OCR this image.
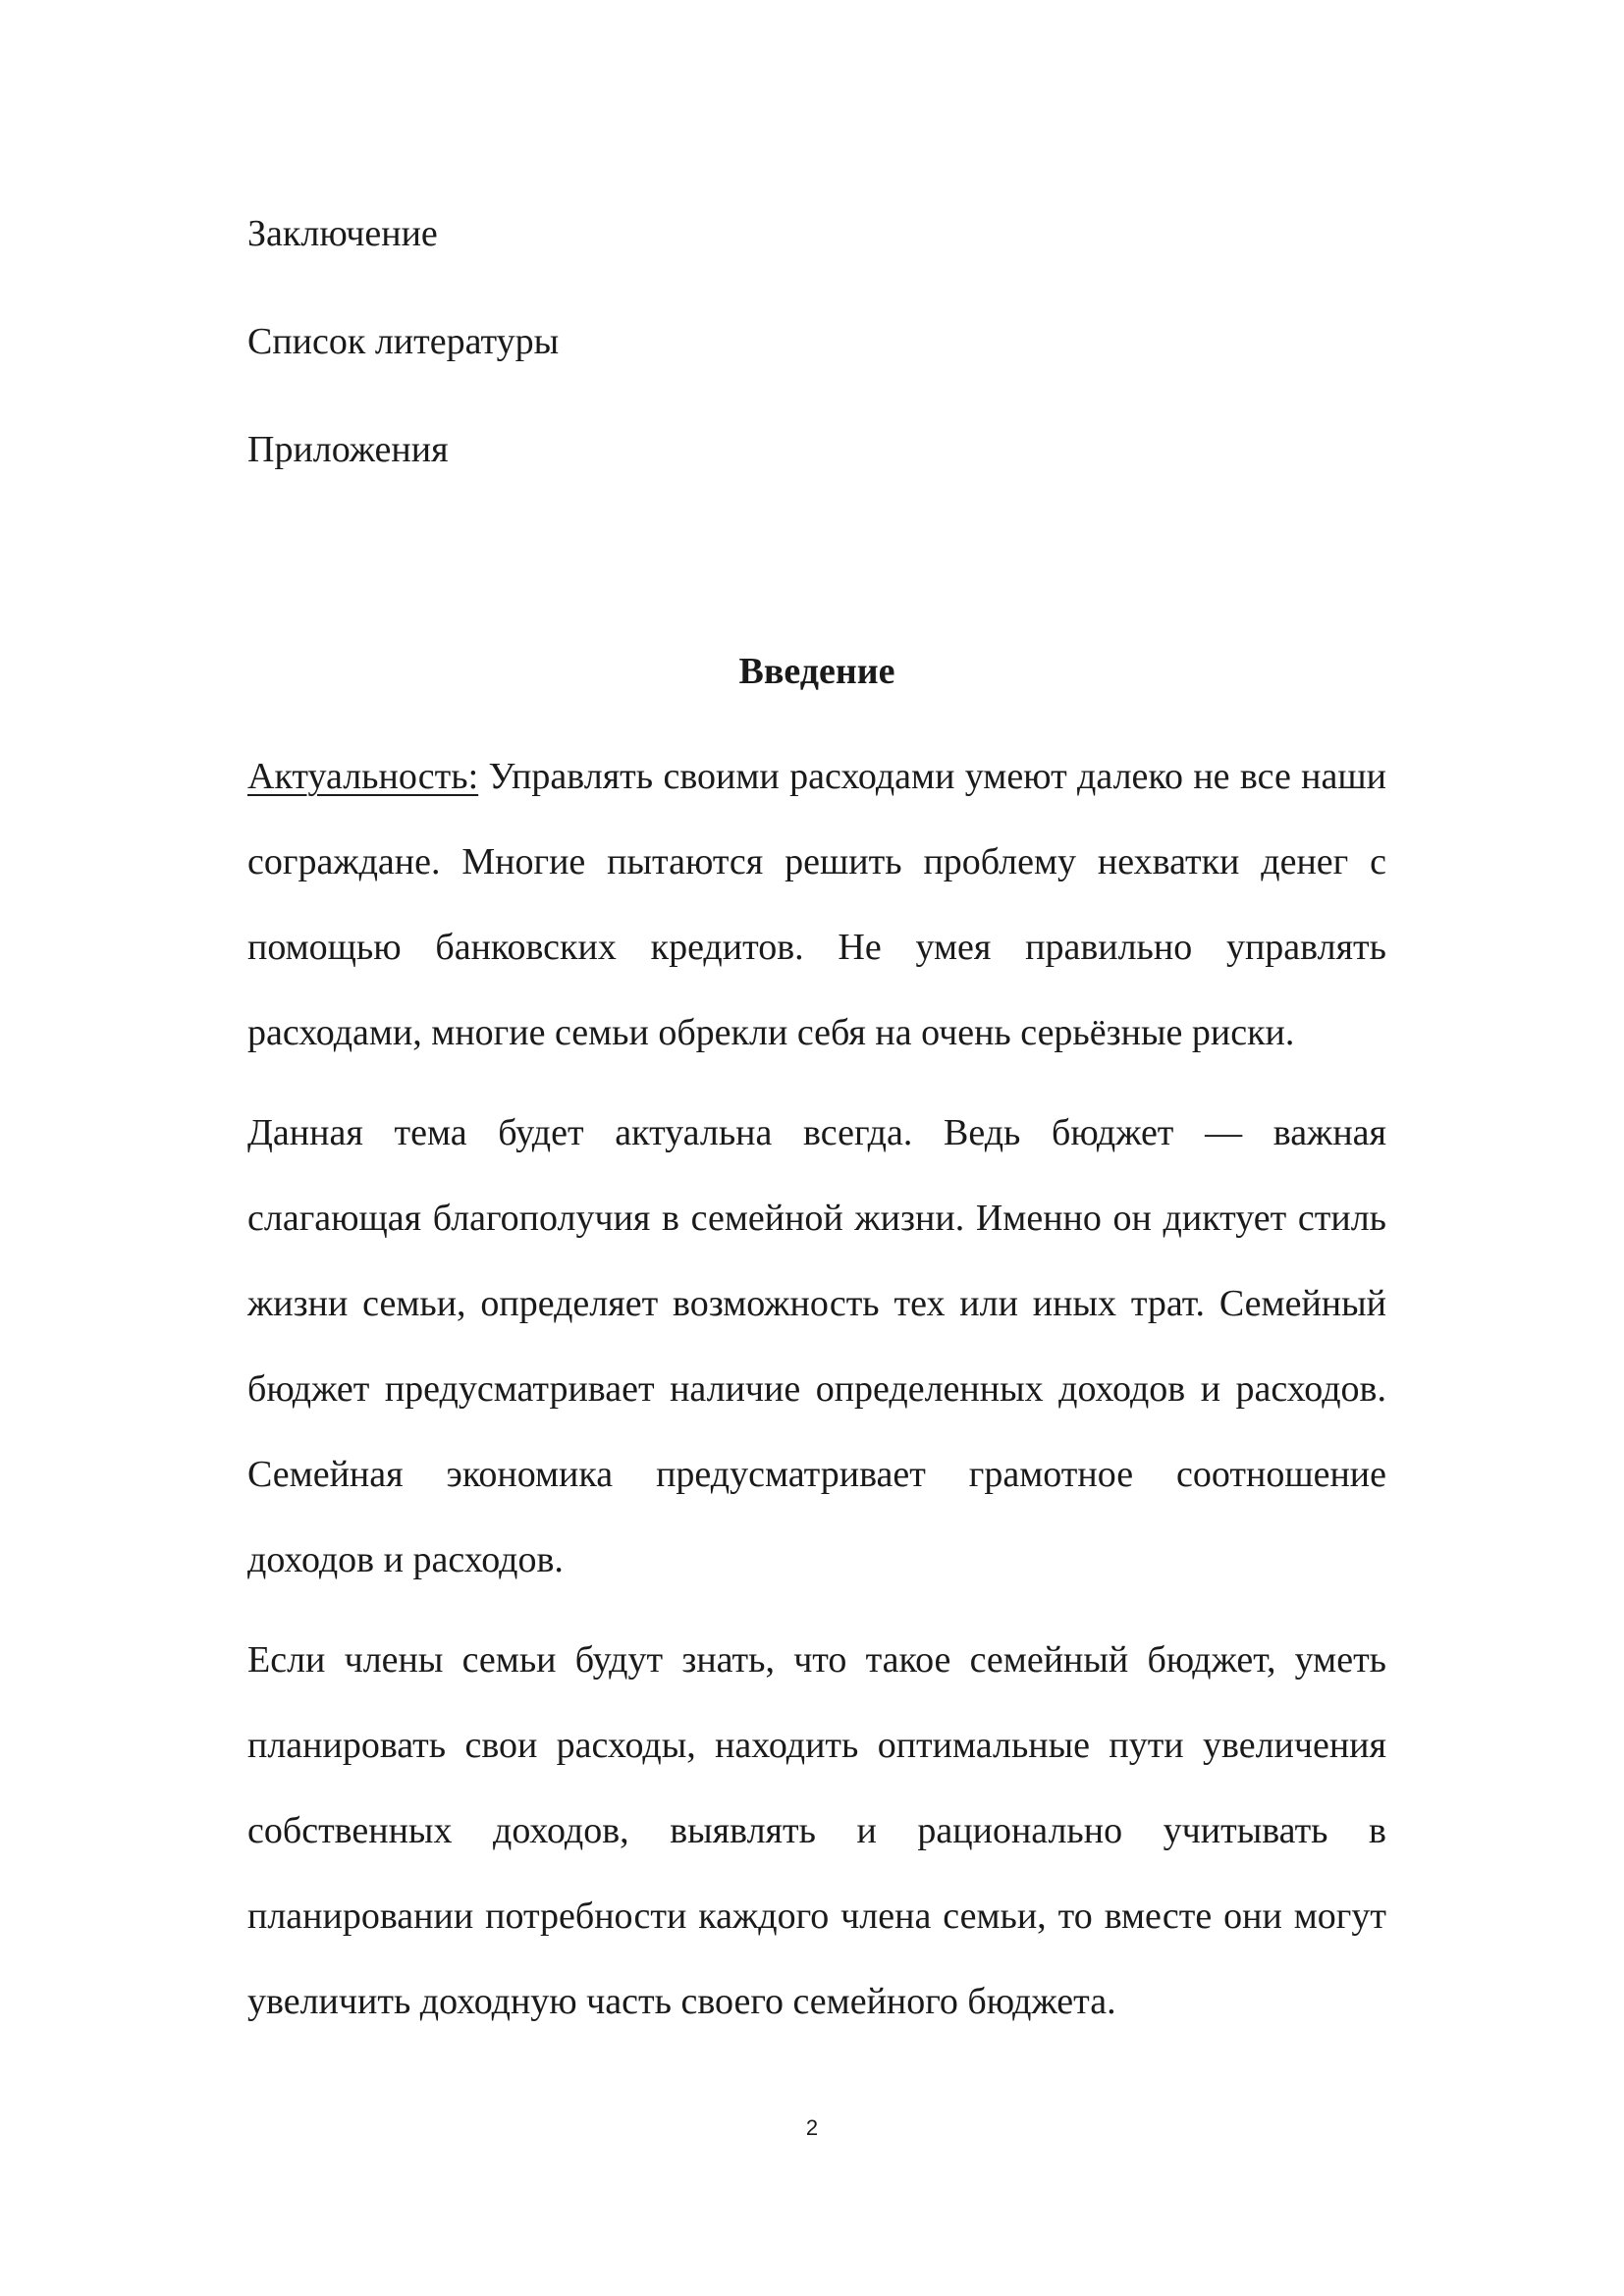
Заключение
Список литературы
Приложения
Введение

Актуальность: Управлять своими расходами умеют далеко не все наши сограждане. Многие пытаются решить проблему нехватки денег с помощью банковских кредитов. Не умея правильно управлять расходами, многие семьи обрекли себя на очень серьёзные риски.

Данная тема будет актуальна всегда. Ведь бюджет — важная слагающая благополучия в семейной жизни. Именно он диктует стиль жизни семьи, определяет возможность тех или иных трат. Семейный бюджет предусматривает наличие определенных доходов и расходов. Семейная экономика предусматривает грамотное соотношение доходов и расходов.

Если члены семьи будут знать, что такое семейный бюджет, уметь планировать свои расходы, находить оптимальные пути увеличения собственных доходов, выявлять и рационально учитывать в планировании потребности каждого члена семьи, то вместе они могут увеличить доходную часть своего семейного бюджета.

2
